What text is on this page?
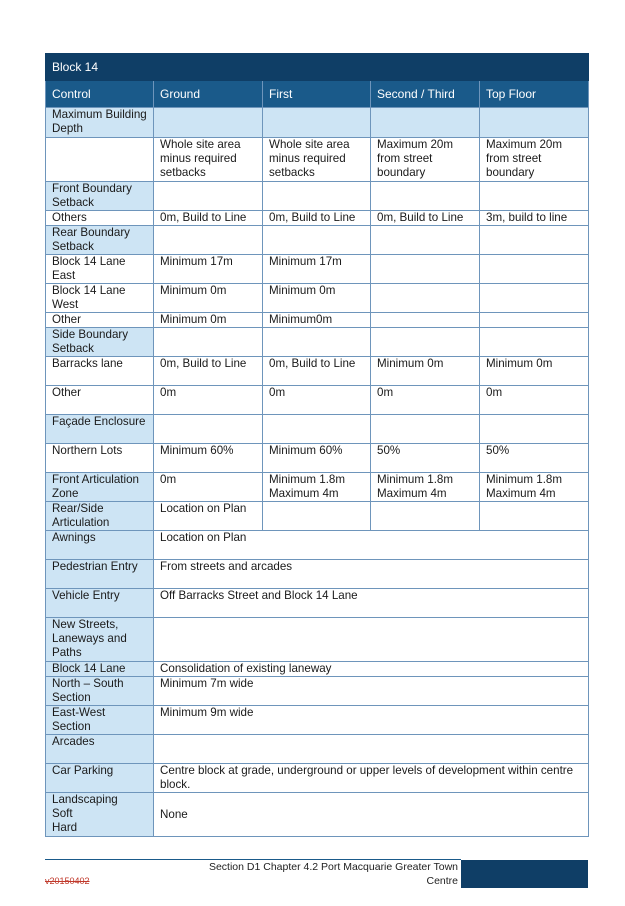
Block 14				
Control	Ground	First	Second / Third	Top Floor
Maximum Building Depth				
	Whole site area minus required setbacks	Whole site area minus required setbacks	Maximum 20m from street boundary	Maximum 20m from street boundary
Front Boundary Setback				
Others	0m, Build to Line	0m, Build to Line	0m, Build to Line	3m, build to line
Rear Boundary Setback				
Block 14 Lane East	Minimum 17m	Minimum 17m		
Block 14 Lane West	Minimum 0m	Minimum 0m		
Other	Minimum 0m	Minimum0m		
Side Boundary Setback				
Barracks lane	0m, Build to Line	0m, Build to Line	Minimum 0m	Minimum 0m
Other	0m	0m	0m	0m
Façade Enclosure				
Northern Lots	Minimum 60%	Minimum 60%	50%	50%
Front Articulation Zone	0m	Minimum 1.8m Maximum 4m	Minimum 1.8m Maximum 4m	Minimum 1.8m Maximum 4m
Rear/Side Articulation	Location on Plan			
Awnings	Location on Plan			
Pedestrian Entry	From streets and arcades			
Vehicle Entry	Off Barracks Street and Block 14 Lane			
New Streets, Laneways and Paths				
Block 14 Lane	Consolidation of existing laneway			
North – South Section	Minimum 7m wide			
East-West Section	Minimum 9m wide			
Arcades				
Car Parking	Centre block at grade, underground or upper levels of development within centre block.			

Landscaping
Soft
Hard	None			
Section D1 Chapter 4.2 Port Macquarie Greater Town Centre
v20150402
